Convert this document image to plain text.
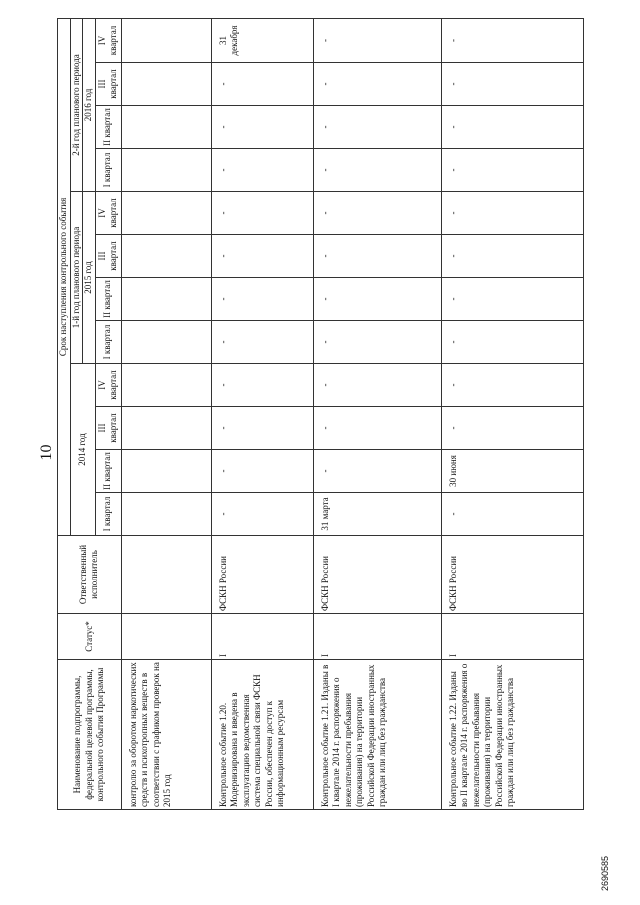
10
Наименование подпрограммы, федеральной целевой программы, контрольного события Программы	Статус*	Ответственный исполнитель	Срок наступления контрольного события											
			2014 год				1-й год планового периода				2-й год планового периода			
							2015 год				2016 год			
			I квартал	II квартал	III квартал	IV квартал	I квартал	II квартал	III квартал	IV квартал	I квартал	II квартал	III квартал	IV квартал
контролю за оборотом наркотических средств и психотропных веществ в соответствии с графиком проверок на 2015 год														
Контрольное событие 1.20. Модернизирована и введена в эксплуатацию ведомственная система специальной связи ФСКН России, обеспечен доступ к информационным ресурсам	I	ФСКН России	-	-	-	-	-	-	-	-	-	-	-	31 декабря
Контрольное событие 1.21. Изданы в I квартале 2014 г. распоряжения о нежелательности пребывания (проживания) на территории Российской Федерации иностранных граждан или лиц без гражданства	I	ФСКН России	31 марта	-	-	-	-	-	-	-	-	-	-	-
Контрольное событие 1.22. Изданы во II квартале 2014 г. распоряжения о нежелательности пребывания (проживания) на территории Российской Федерации иностранных граждан или лиц без гражданства	I	ФСКН России	-	30 июня	-	-	-	-	-	-	-	-	-	-
2690585
